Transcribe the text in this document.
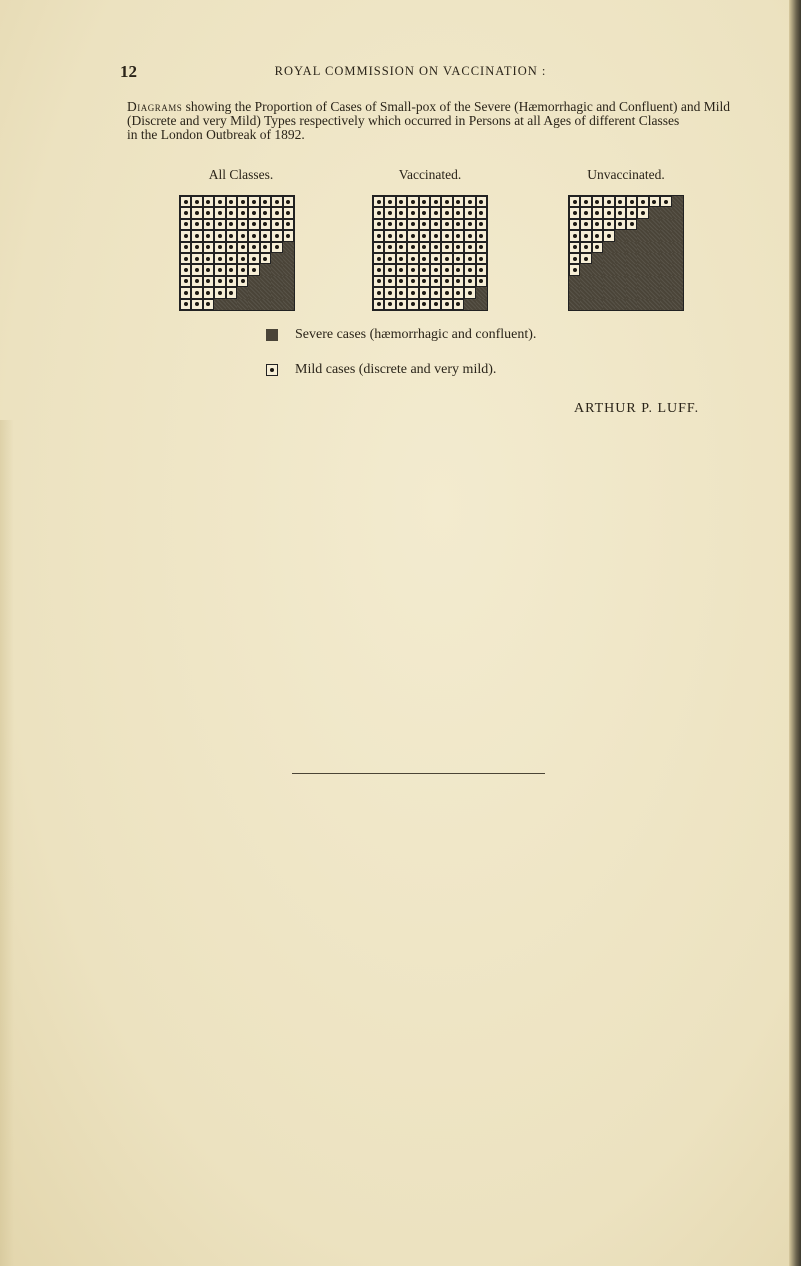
12	ROYAL COMMISSION ON VACCINATION :
Diagrams showing the Proportion of Cases of Small-pox of the Severe (Hæmorrhagic and Confluent) and Mild
(Discrete and very Mild) Types respectively which occurred in Persons at all Ages of different Classes
in the London Outbreak of 1892.
All Classes.	Vaccinated.	Unvaccinated.
Severe cases (hæmorrhagic and confluent).
Mild cases (discrete and very mild).
ARTHUR P. LUFF.
